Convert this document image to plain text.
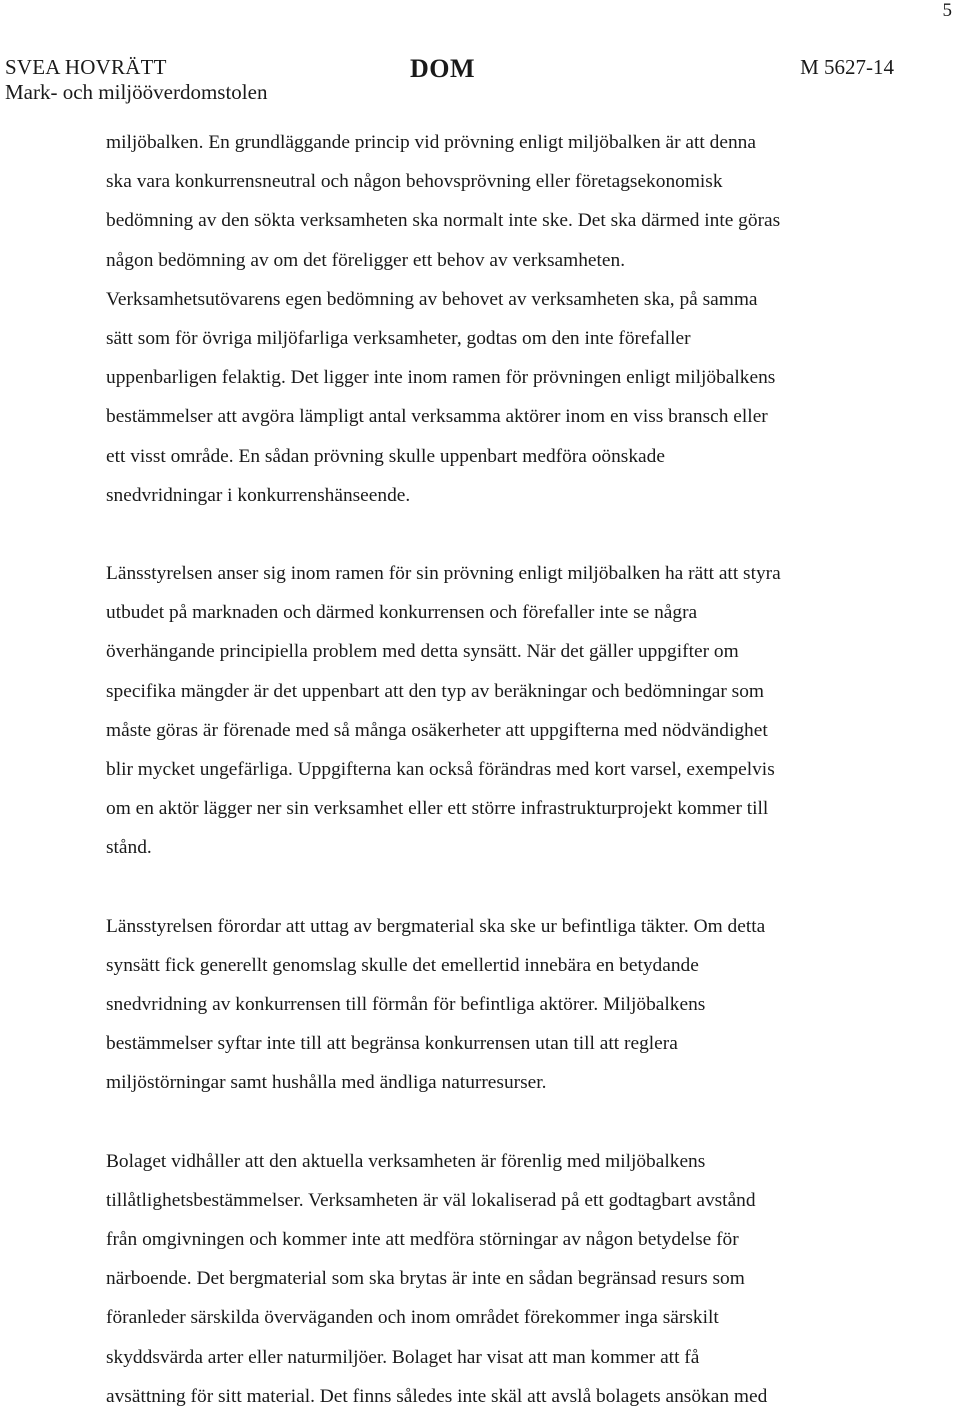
5
SVEA HOVRÄTT
Mark- och miljööverdomstolen
DOM	M 5627-14

miljöbalken. En grundläggande princip vid prövning enligt miljöbalken är att denna
ska vara konkurrensneutral och någon behovsprövning eller företagsekonomisk
bedömning av den sökta verksamheten ska normalt inte ske. Det ska därmed inte göras
någon bedömning av om det föreligger ett behov av verksamheten.
Verksamhetsutövarens egen bedömning av behovet av verksamheten ska, på samma
sätt som för övriga miljöfarliga verksamheter, godtas om den inte förefaller
uppenbarligen felaktig. Det ligger inte inom ramen för prövningen enligt miljöbalkens
bestämmelser att avgöra lämpligt antal verksamma aktörer inom en viss bransch eller
ett visst område. En sådan prövning skulle uppenbart medföra oönskade
snedvridningar i konkurrenshänseende.

Länsstyrelsen anser sig inom ramen för sin prövning enligt miljöbalken ha rätt att styra
utbudet på marknaden och därmed konkurrensen och förefaller inte se några
överhängande principiella problem med detta synsätt. När det gäller uppgifter om
specifika mängder är det uppenbart att den typ av beräkningar och bedömningar som
måste göras är förenade med så många osäkerheter att uppgifterna med nödvändighet
blir mycket ungefärliga. Uppgifterna kan också förändras med kort varsel, exempelvis
om en aktör lägger ner sin verksamhet eller ett större infrastrukturprojekt kommer till
stånd.

Länsstyrelsen förordar att uttag av bergmaterial ska ske ur befintliga täkter. Om detta
synsätt fick generellt genomslag skulle det emellertid innebära en betydande
snedvridning av konkurrensen till förmån för befintliga aktörer. Miljöbalkens
bestämmelser syftar inte till att begränsa konkurrensen utan till att reglera
miljöstörningar samt hushålla med ändliga naturresurser.

Bolaget vidhåller att den aktuella verksamheten är förenlig med miljöbalkens
tillåtlighetsbestämmelser. Verksamheten är väl lokaliserad på ett godtagbart avstånd
från omgivningen och kommer inte att medföra störningar av någon betydelse för
närboende. Det bergmaterial som ska brytas är inte en sådan begränsad resurs som
föranleder särskilda överväganden och inom området förekommer inga särskilt
skyddsvärda arter eller naturmiljöer. Bolaget har visat att man kommer att få
avsättning för sitt material. Det finns således inte skäl att avslå bolagets ansökan med
